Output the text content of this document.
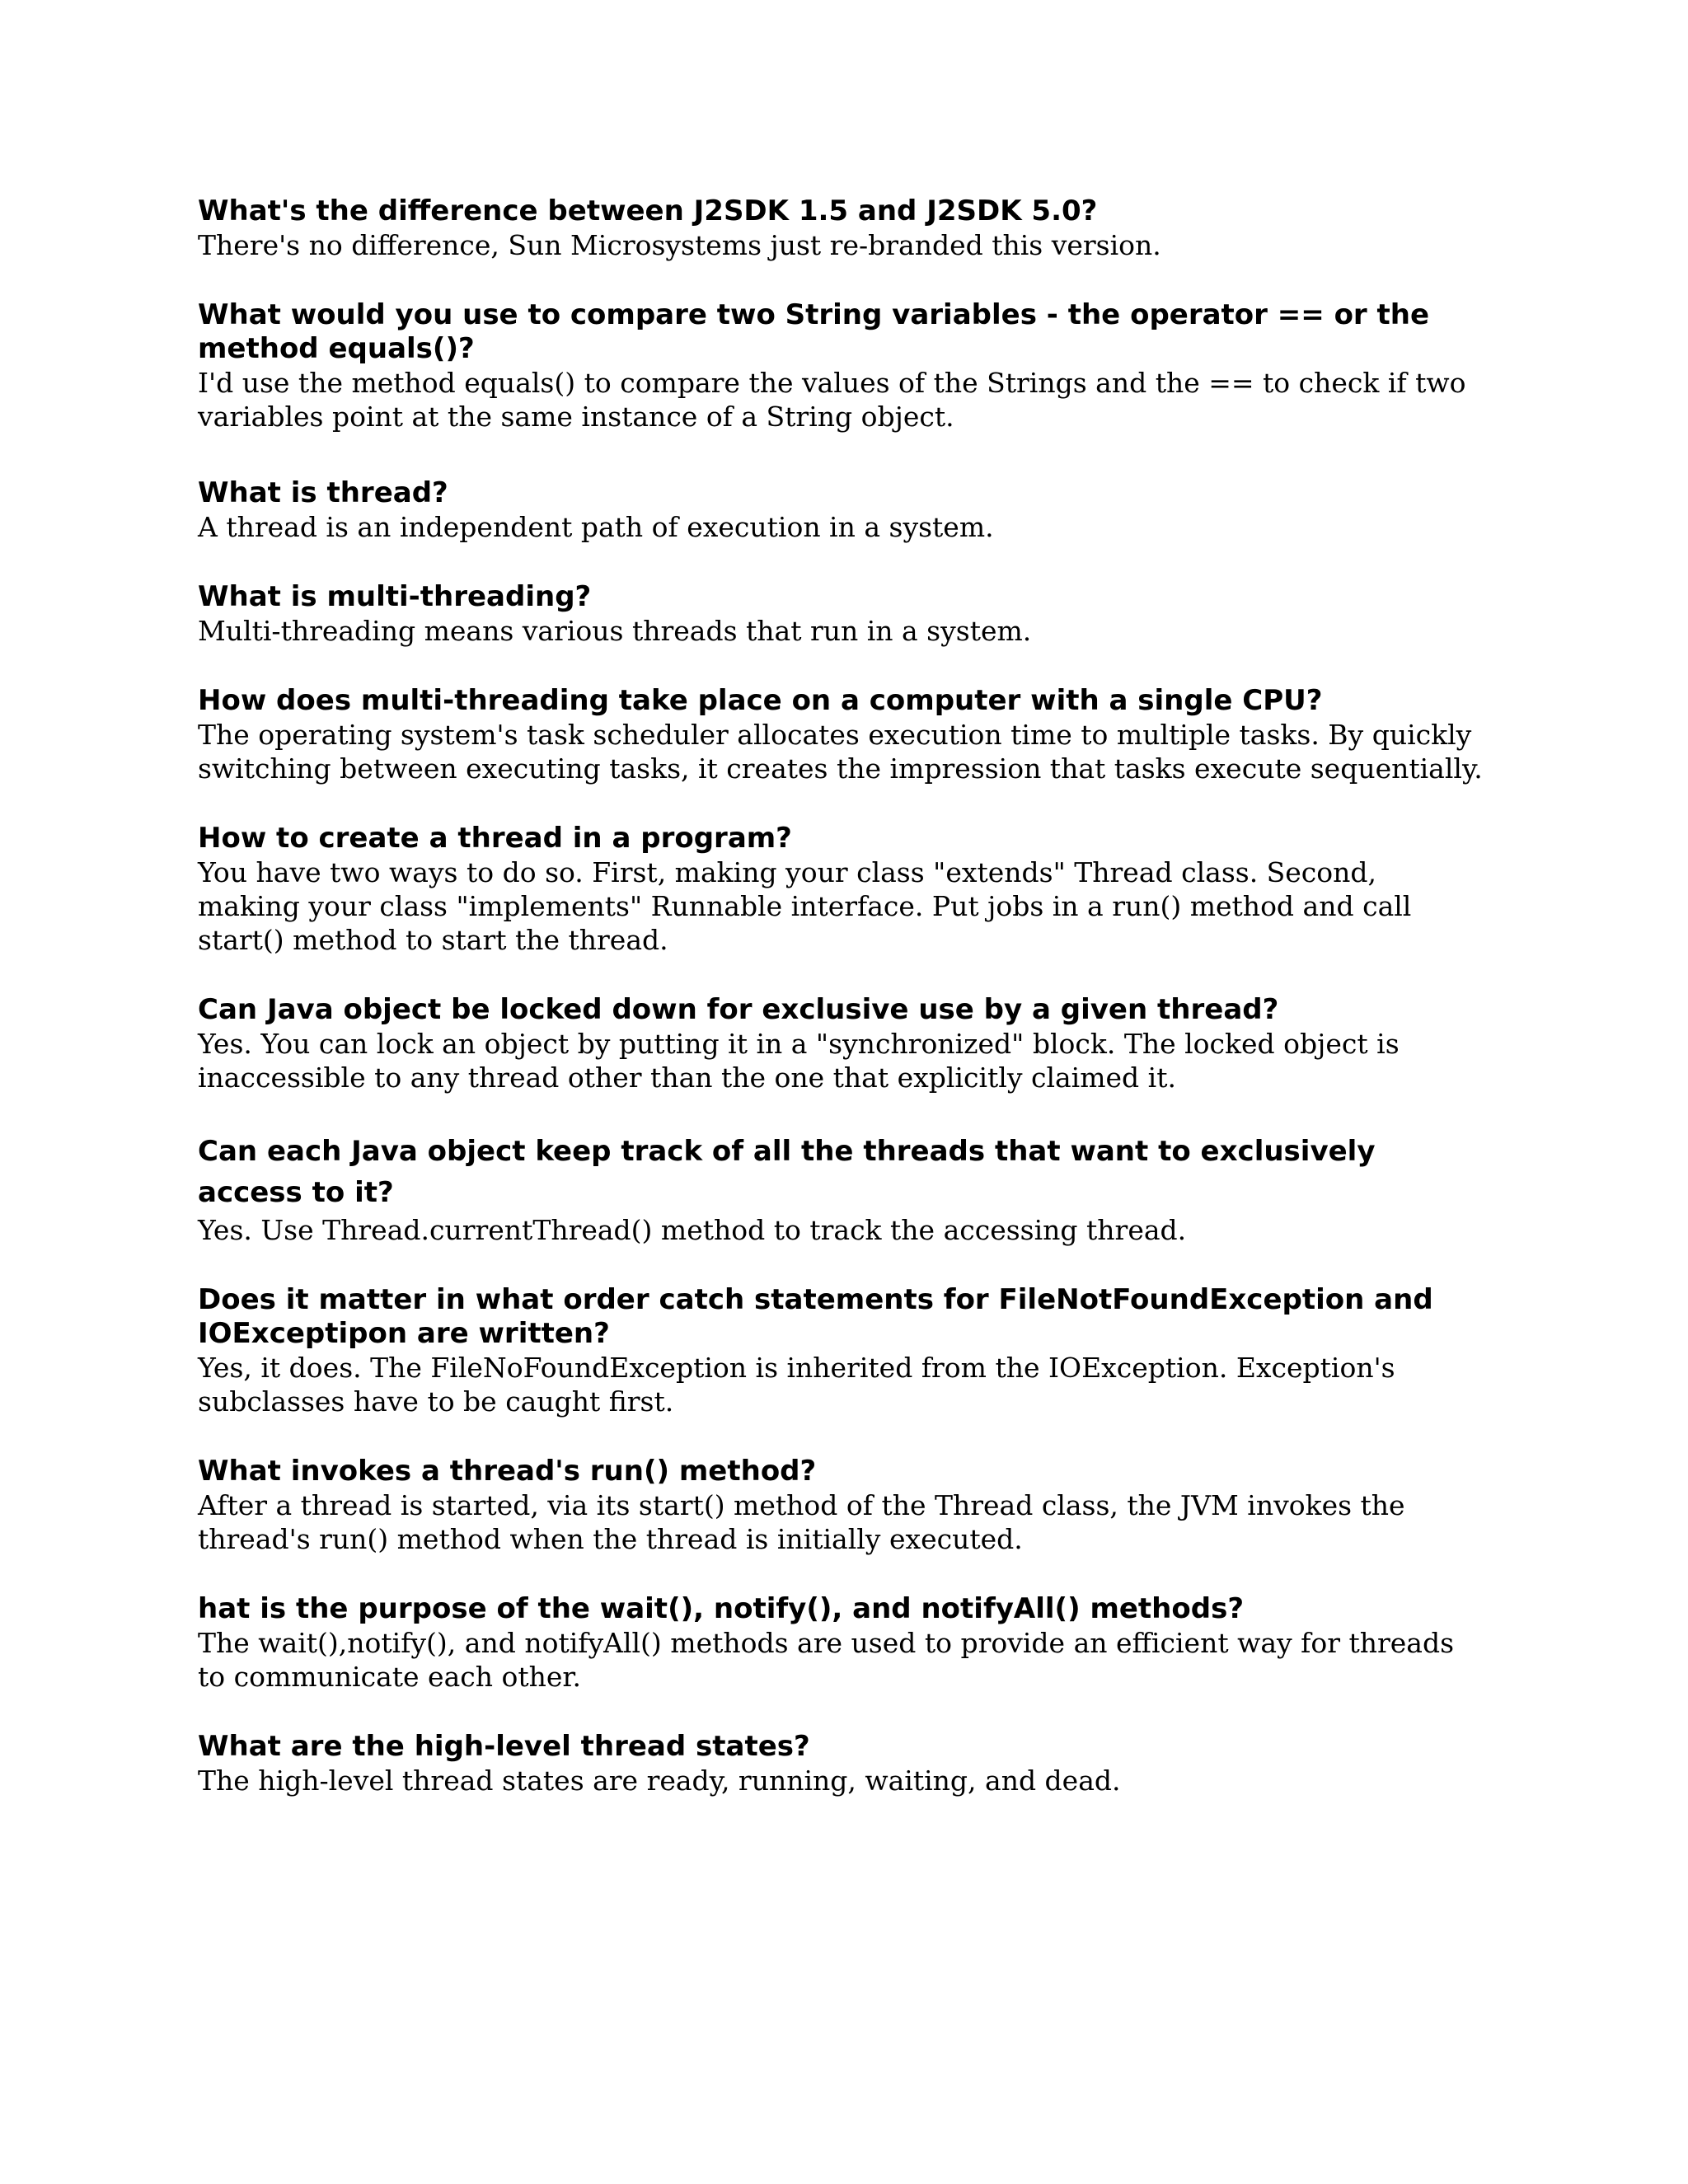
What's the difference between J2SDK 1.5 and J2SDK 5.0?

There's no difference, Sun Microsystems just re-branded this version.

What would you use to compare two String variables - the operator == or the method equals()?

I'd use the method equals() to compare the values of the Strings and the == to check if two variables point at the same instance of a String object.

What is thread?

A thread is an independent path of execution in a system.

What is multi-threading?

Multi-threading means various threads that run in a system.

How does multi-threading take place on a computer with a single CPU?

The operating system's task scheduler allocates execution time to multiple tasks. By quickly switching between executing tasks, it creates the impression that tasks execute sequentially.

How to create a thread in a program?

You have two ways to do so. First, making your class "extends" Thread class. Second, making your class "implements" Runnable interface. Put jobs in a run() method and call start() method to start the thread.

Can Java object be locked down for exclusive use by a given thread?

Yes. You can lock an object by putting it in a "synchronized" block. The locked object is inaccessible to any thread other than the one that explicitly claimed it.

Can each Java object keep track of all the threads that want to exclusively access to it?

Yes. Use Thread.currentThread() method to track the accessing thread.

Does it matter in what order catch statements for FileNotFoundException and IOExceptipon are written?

Yes, it does. The FileNoFoundException is inherited from the IOException. Exception's subclasses have to be caught first.

What invokes a thread's run() method?

After a thread is started, via its start() method of the Thread class, the JVM invokes the thread's run() method when the thread is initially executed.

hat is the purpose of the wait(), notify(), and notifyAll() methods?

The wait(),notify(), and notifyAll() methods are used to provide an efficient way for threads to communicate each other.

What are the high-level thread states?

The high-level thread states are ready, running, waiting, and dead.
